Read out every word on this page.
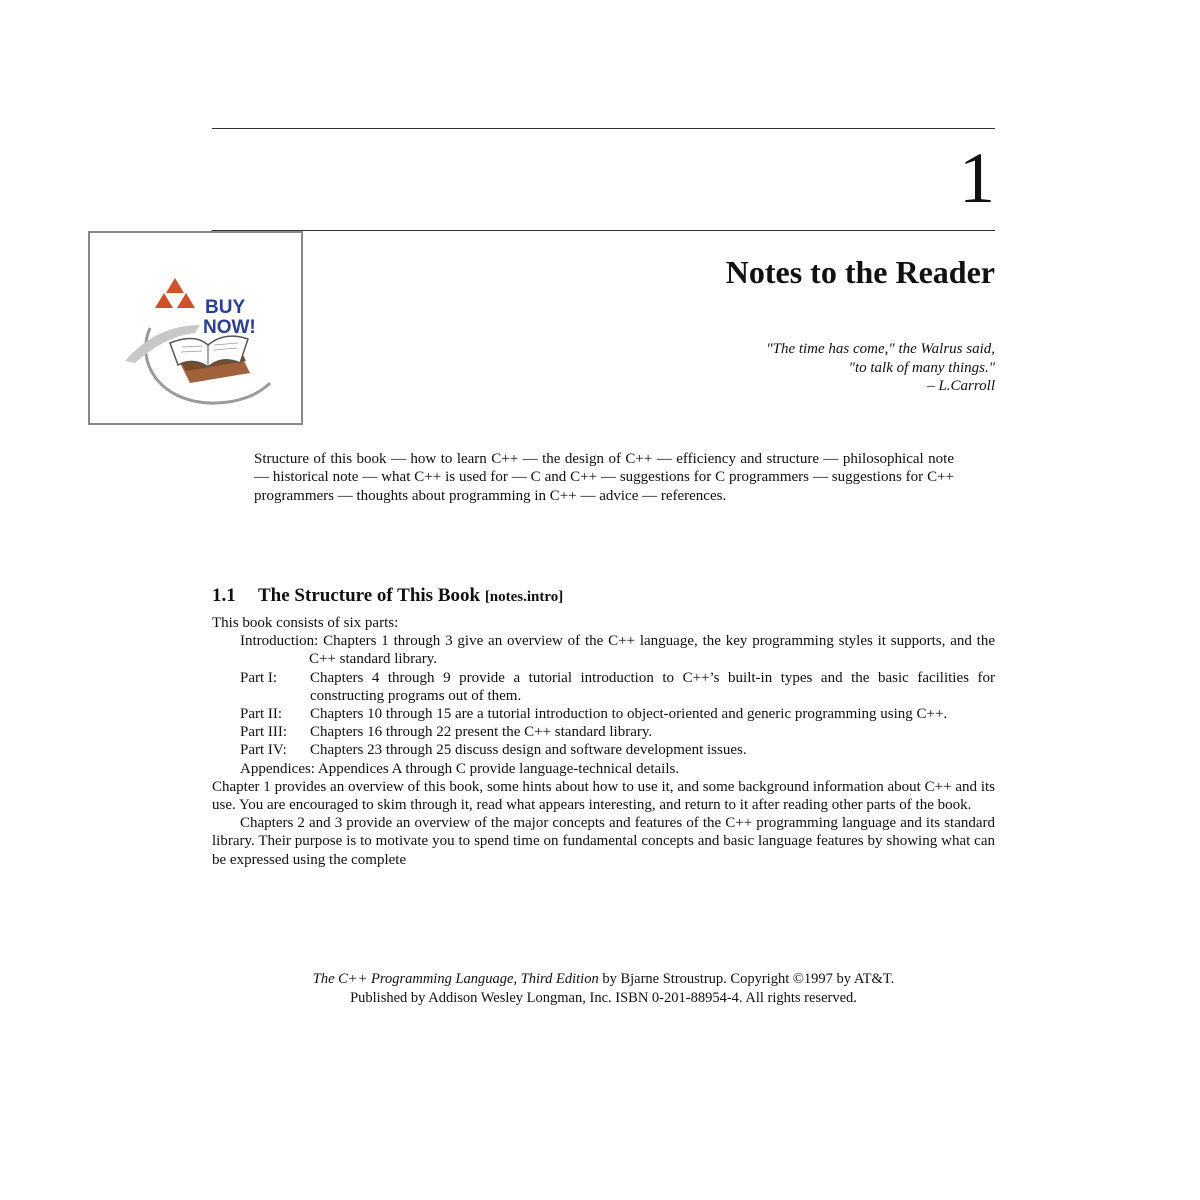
1
BUY
NOW!
Notes to the Reader
"The time has come," the Walrus said,
"to talk of many things."
– L.Carroll
Structure of this book — how to learn C++ — the design of C++ — efficiency and structure — philosophical note — historical note — what C++ is used for — C and C++ — suggestions for C programmers — suggestions for C++ programmers — thoughts about programming in C++ — advice — references.
1.1 The Structure of This Book [notes.intro]

This book consists of six parts:

Introduction: Chapters 1 through 3 give an overview of the C++ language, the key programming styles it supports, and the C++ standard library.
Part I:	Chapters 4 through 9 provide a tutorial introduction to C++’s built-in types and the basic facilities for constructing programs out of them.
Part II:	Chapters 10 through 15 are a tutorial introduction to object-oriented and generic programming using C++.
Part III:	Chapters 16 through 22 present the C++ standard library.
Part IV:	Chapters 23 through 25 discuss design and software development issues.
Appendices: Appendices A through C provide language-technical details.

Chapter 1 provides an overview of this book, some hints about how to use it, and some background information about C++ and its use. You are encouraged to skim through it, read what appears interesting, and return to it after reading other parts of the book.

Chapters 2 and 3 provide an overview of the major concepts and features of the C++ programming language and its standard library. Their purpose is to motivate you to spend time on fundamental concepts and basic language features by showing what can be expressed using the complete

The C++ Programming Language, Third Edition by Bjarne Stroustrup. Copyright ©1997 by AT&T.
Published by Addison Wesley Longman, Inc. ISBN 0-201-88954-4. All rights reserved.
